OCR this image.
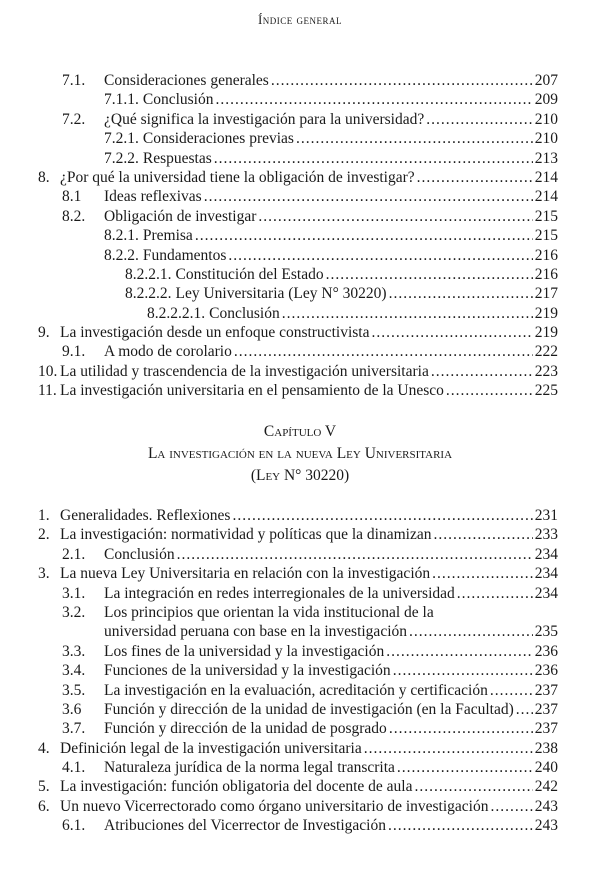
Índice general
7.1. Consideraciones generales .....	207
7.1.1. Conclusión .....	209
7.2. ¿Qué significa la investigación para la universidad? .....	210
7.2.1. Consideraciones previas .....	210
7.2.2. Respuestas .....	213
8. ¿Por qué la universidad tiene la obligación de investigar? .....	214
8.1 Ideas reflexivas .....	214
8.2. Obligación de investigar .....	215
8.2.1. Premisa .....	215
8.2.2. Fundamentos .....	216
8.2.2.1. Constitución del Estado .....	216
8.2.2.2. Ley Universitaria (Ley N° 30220) .....	217
8.2.2.2.1. Conclusión .....	219
9. La investigación desde un enfoque constructivista .....	219
9.1. A modo de corolario .....	222
10. La utilidad y trascendencia de la investigación universitaria .....	223
11. La investigación universitaria en el pensamiento de la Unesco .....	225
Capítulo V
La investigación en la nueva Ley Universitaria
(Ley N° 30220)
1. Generalidades. Reflexiones .....	231
2. La investigación: normatividad y políticas que la dinamizan .....	233
2.1. Conclusión .....	234
3. La nueva Ley Universitaria en relación con la investigación .....	234
3.1. La integración en redes interregionales de la universidad .....	234
3.2. Los principios que orientan la vida institucional de la
universidad peruana con base en la investigación .....	235
3.3. Los fines de la universidad y la investigación .....	236
3.4. Funciones de la universidad y la investigación .....	236
3.5. La investigación en la evaluación, acreditación y certificación .....	237
3.6 Función y dirección de la unidad de investigación (en la Facultad) ..... 237
3.7. Función y dirección de la unidad de posgrado .....	237
4. Definición legal de la investigación universitaria .....	238
4.1. Naturaleza jurídica de la norma legal transcrita .....	240
5. La investigación: función obligatoria del docente de aula .....	242
6. Un nuevo Vicerrectorado como órgano universitario de investigación .....	243
6.1. Atribuciones del Vicerrector de Investigación .....	243
